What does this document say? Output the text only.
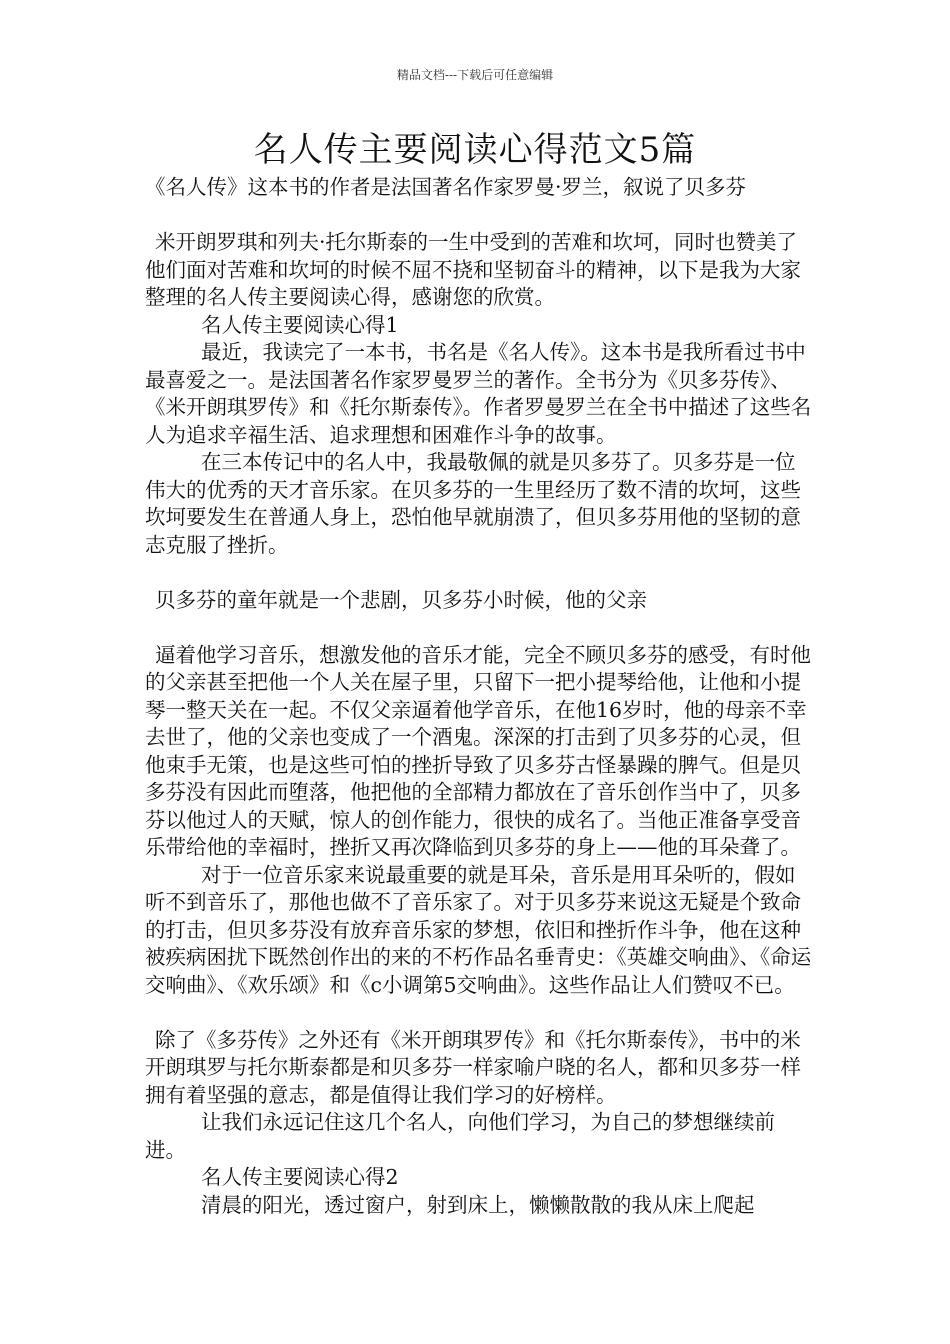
精品文档---下载后可任意编辑
名人传主要阅读心得范文5篇

《名人传》这本书的作者是法国著名作家罗曼·罗兰，叙说了贝多芬

米开朗罗琪和列夫·托尔斯泰的一生中受到的苦难和坎坷，同时也赞美了他们面对苦难和坎坷的时候不屈不挠和坚韧奋斗的精神，以下是我为大家整理的名人传主要阅读心得，感谢您的欣赏。

名人传主要阅读心得1

最近，我读完了一本书，书名是《名人传》。这本书是我所看过书中最喜爱之一。是法国著名作家罗曼罗兰的著作。全书分为《贝多芬传》、《米开朗琪罗传》和《托尔斯泰传》。作者罗曼罗兰在全书中描述了这些名人为追求辛福生活、追求理想和困难作斗争的故事。

在三本传记中的名人中，我最敬佩的就是贝多芬了。贝多芬是一位伟大的优秀的天才音乐家。在贝多芬的一生里经历了数不清的坎坷，这些坎坷要发生在普通人身上，恐怕他早就崩溃了，但贝多芬用他的坚韧的意志克服了挫折。

贝多芬的童年就是一个悲剧，贝多芬小时候，他的父亲

逼着他学习音乐，想激发他的音乐才能，完全不顾贝多芬的感受，有时他的父亲甚至把他一个人关在屋子里，只留下一把小提琴给他，让他和小提琴一整天关在一起。不仅父亲逼着他学音乐，在他16岁时，他的母亲不幸去世了，他的父亲也变成了一个酒鬼。深深的打击到了贝多芬的心灵，但他束手无策，也是这些可怕的挫折导致了贝多芬古怪暴躁的脾气。但是贝多芬没有因此而堕落，他把他的全部精力都放在了音乐创作当中了，贝多芬以他过人的天赋，惊人的创作能力，很快的成名了。当他正准备享受音乐带给他的幸福时，挫折又再次降临到贝多芬的身上——他的耳朵聋了。

对于一位音乐家来说最重要的就是耳朵，音乐是用耳朵听的，假如听不到音乐了，那他也做不了音乐家了。对于贝多芬来说这无疑是个致命的打击，但贝多芬没有放弃音乐家的梦想，依旧和挫折作斗争，他在这种被疾病困扰下既然创作出的来的不朽作品名垂青史：《英雄交响曲》、《命运交响曲》、《欢乐颂》和《c小调第5交响曲》。这些作品让人们赞叹不已。

除了《多芬传》之外还有《米开朗琪罗传》和《托尔斯泰传》，书中的米开朗琪罗与托尔斯泰都是和贝多芬一样家喻户晓的名人，都和贝多芬一样拥有着坚强的意志，都是值得让我们学习的好榜样。

让我们永远记住这几个名人，向他们学习，为自己的梦想继续前进。

名人传主要阅读心得2

清晨的阳光，透过窗户，射到床上，懒懒散散的我从床上爬起
